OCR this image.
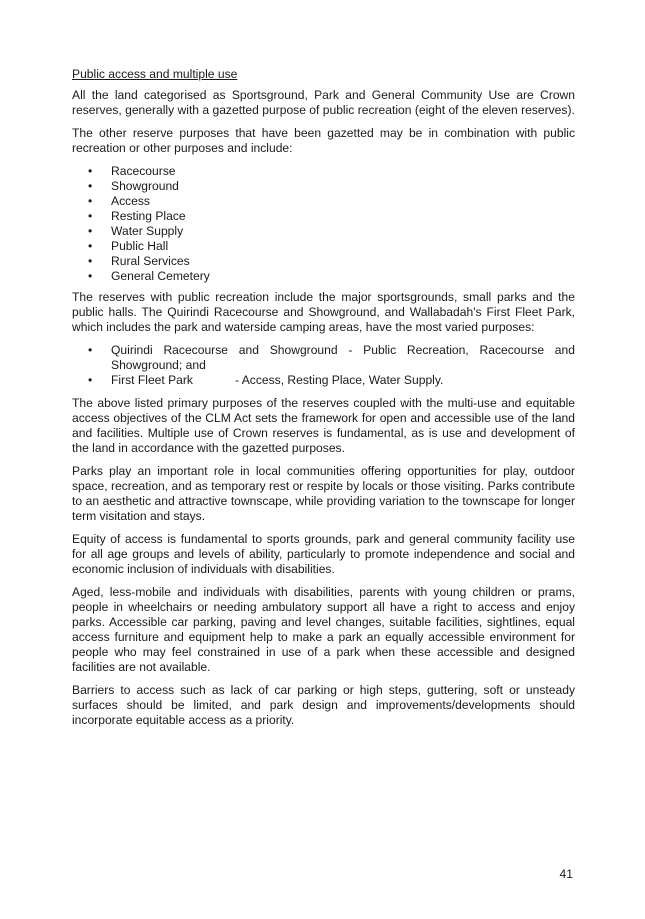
Public access and multiple use

All the land categorised as Sportsground, Park and General Community Use are Crown reserves, generally with a gazetted purpose of public recreation (eight of the eleven reserves).

The other reserve purposes that have been gazetted may be in combination with public recreation or other purposes and include:

• Racecourse
• Showground
• Access
• Resting Place
• Water Supply
• Public Hall
• Rural Services
• General Cemetery

The reserves with public recreation include the major sportsgrounds, small parks and the public halls. The Quirindi Racecourse and Showground, and Wallabadah's First Fleet Park, which includes the park and waterside camping areas, have the most varied purposes:

• Quirindi Racecourse and Showground - Public Recreation, Racecourse and Showground; and
• First Fleet Park	- Access, Resting Place, Water Supply.

The above listed primary purposes of the reserves coupled with the multi-use and equitable access objectives of the CLM Act sets the framework for open and accessible use of the land and facilities. Multiple use of Crown reserves is fundamental, as is use and development of the land in accordance with the gazetted purposes.

Parks play an important role in local communities offering opportunities for play, outdoor space, recreation, and as temporary rest or respite by locals or those visiting. Parks contribute to an aesthetic and attractive townscape, while providing variation to the townscape for longer term visitation and stays.

Equity of access is fundamental to sports grounds, park and general community facility use for all age groups and levels of ability, particularly to promote independence and social and economic inclusion of individuals with disabilities.

Aged, less-mobile and individuals with disabilities, parents with young children or prams, people in wheelchairs or needing ambulatory support all have a right to access and enjoy parks. Accessible car parking, paving and level changes, suitable facilities, sightlines, equal access furniture and equipment help to make a park an equally accessible environment for people who may feel constrained in use of a park when these accessible and designed facilities are not available.

Barriers to access such as lack of car parking or high steps, guttering, soft or unsteady surfaces should be limited, and park design and improvements/developments should incorporate equitable access as a priority.

41
